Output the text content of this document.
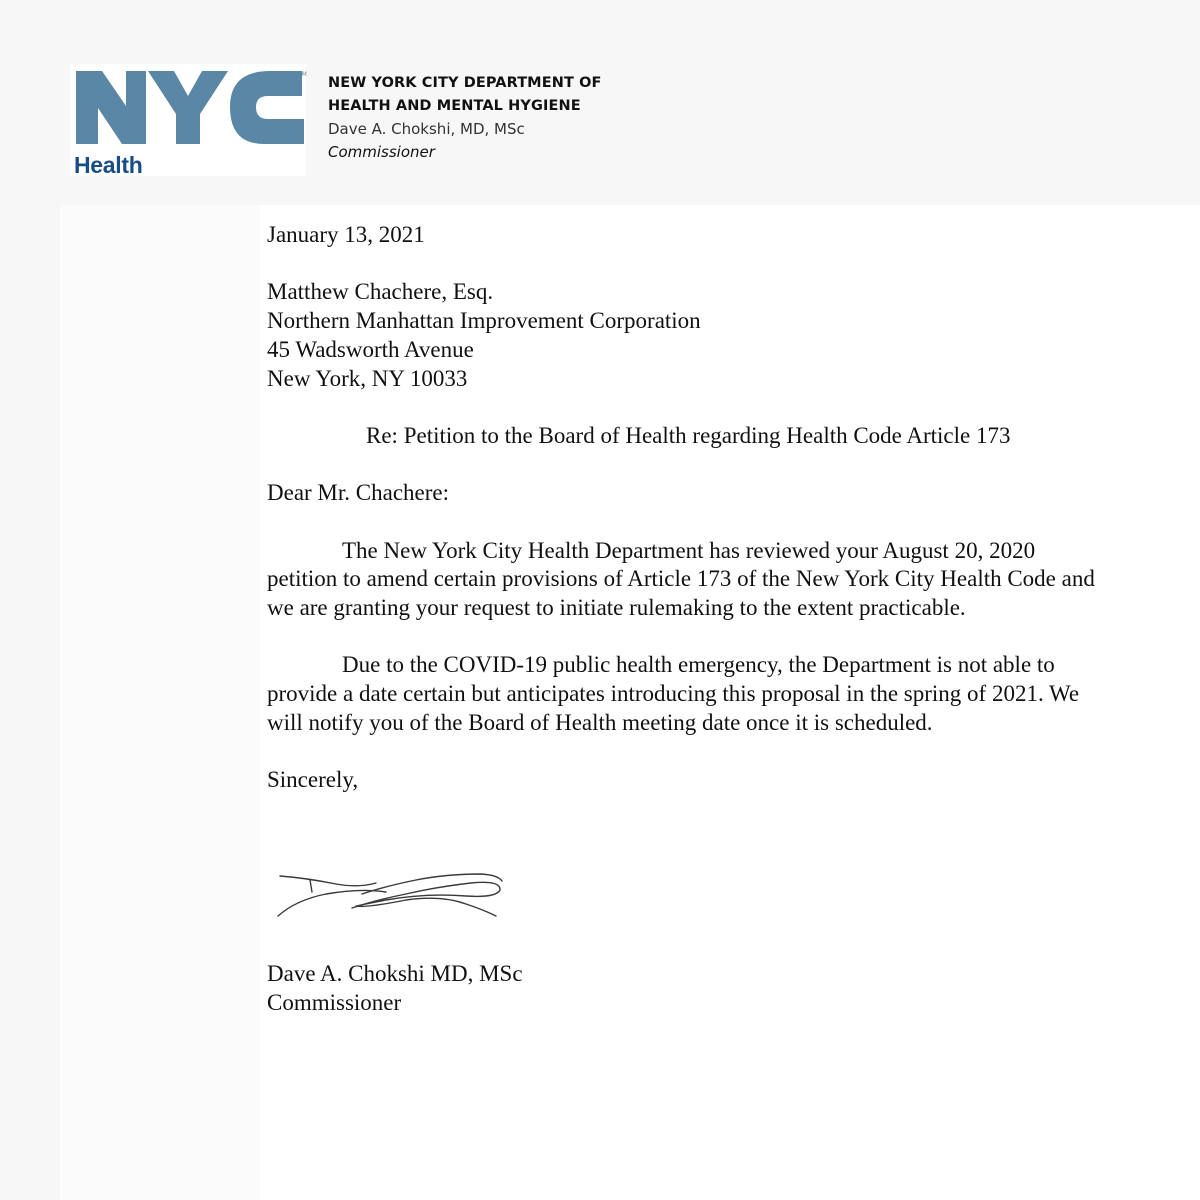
TM
Health
NEW YORK CITY DEPARTMENT OF
HEALTH AND MENTAL HYGIENE
Dave A. Chokshi, MD, MSc
Commissioner

January 13, 2021

Matthew Chachere, Esq.

Northern Manhattan Improvement Corporation

45 Wadsworth Avenue

New York, NY 10033

Re: Petition to the Board of Health regarding Health Code Article 173

Dear Mr. Chachere:

The New York City Health Department has reviewed your August 20, 2020 petition to amend certain provisions of Article 173 of the New York City Health Code and we are granting your request to initiate rulemaking to the extent practicable.

Due to the COVID-19 public health emergency, the Department is not able to provide a date certain but anticipates introducing this proposal in the spring of 2021. We will notify you of the Board of Health meeting date once it is scheduled.

Sincerely,

Dave A. Chokshi MD, MSc

Commissioner
